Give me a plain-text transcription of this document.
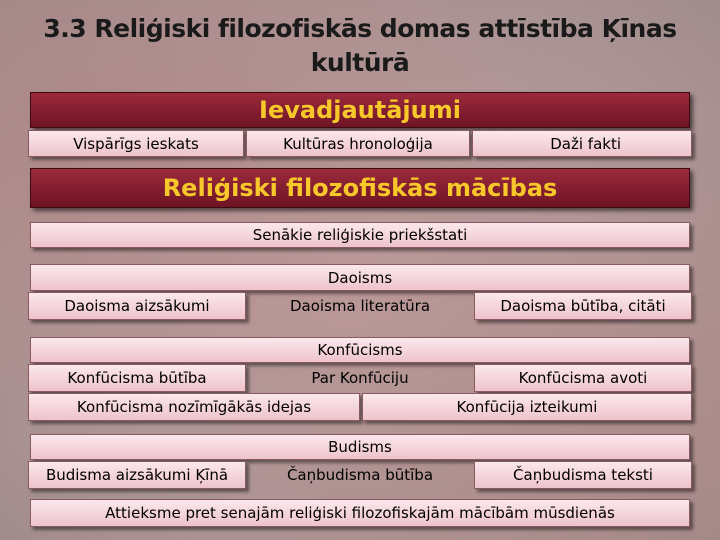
3.3 Reliģiski filozofiskās domas attīstība Ķīnas
kultūrā
Ievadjautājumi
Vispārīgs ieskats	Kultūras hronoloģija	Daži fakti
Reliģiski filozofiskās mācības
Senākie reliģiskie priekšstati
Daoisms
Daoisma aizsākumi	Daoisma literatūra	Daoisma būtība, citāti
Konfūcisms
Konfūcisma būtība	Par Konfūciju	Konfūcisma avoti
Konfūcisma nozīmīgākās idejas	Konfūcija izteikumi
Budisms
Budisma aizsākumi Ķīnā	Čaņbudisma būtība	Čaņbudisma teksti
Attieksme pret senajām reliģiski filozofiskajām mācībām mūsdienās
